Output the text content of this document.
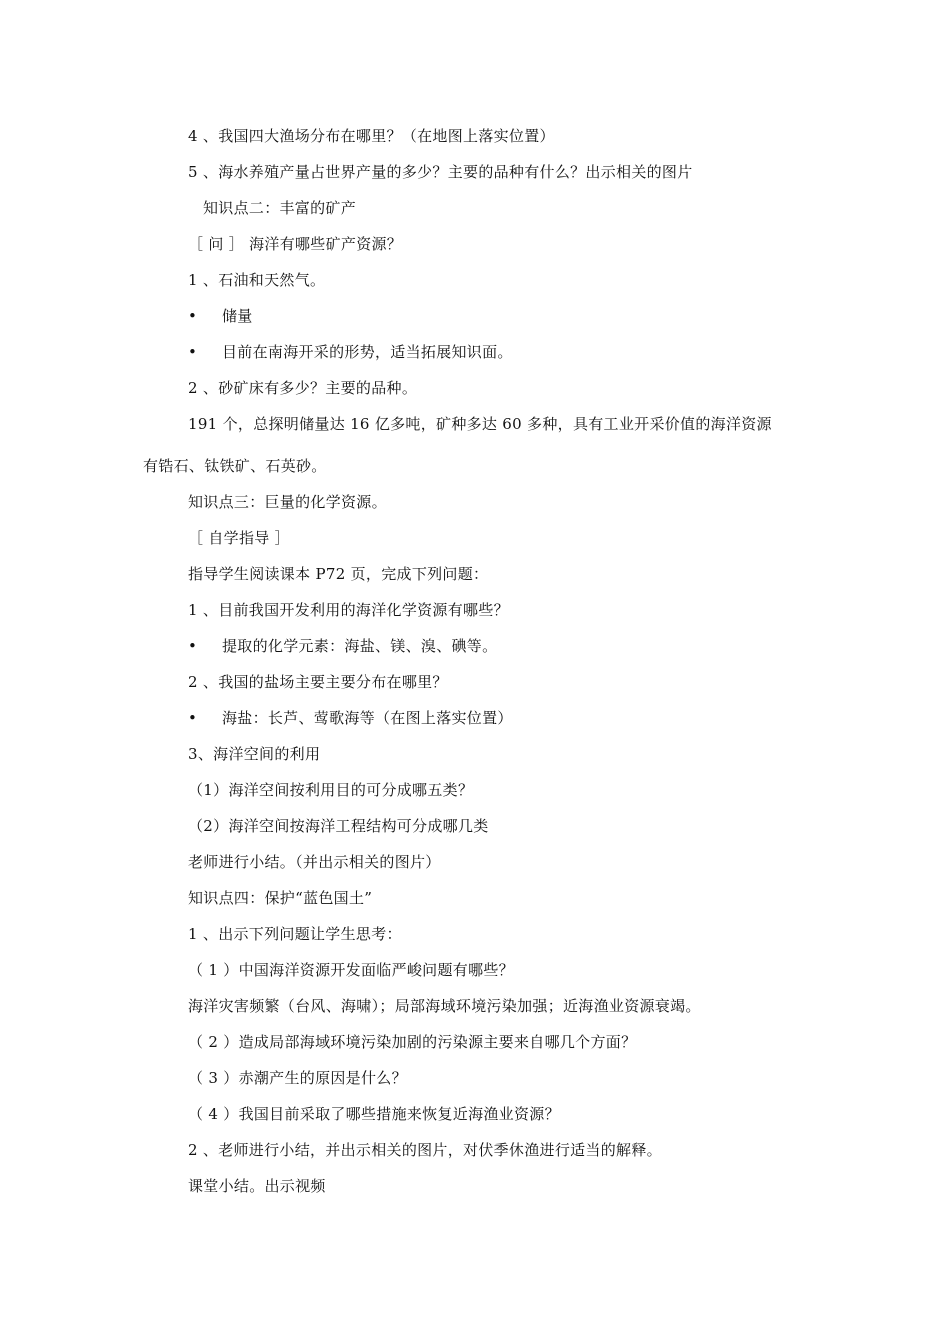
4 、我国四大渔场分布在哪里？（在地图上落实位置）
5 、海水养殖产量占世界产量的多少？主要的品种有什么？出示相关的图片
知识点二：丰富的矿产
［ 问 ］ 海洋有哪些矿产资源？
1 、石油和天然气。
• 储量
• 目前在南海开采的形势，适当拓展知识面。
2 、砂矿床有多少？主要的品种。
191 个，总探明储量达 16 亿多吨，矿种多达 60 多种，具有工业开采价值的海洋资源
有锆石、钛铁矿、石英砂。
知识点三：巨量的化学资源。
［ 自学指导 ］
指导学生阅读课本 P72 页，完成下列问题：
1 、目前我国开发利用的海洋化学资源有哪些？
• 提取的化学元素：海盐、镁、溴、碘等。
2 、我国的盐场主要主要分布在哪里？
• 海盐：长芦、莺歌海等（在图上落实位置）
3、海洋空间的利用
（1）海洋空间按利用目的可分成哪五类？
（2）海洋空间按海洋工程结构可分成哪几类
老师进行小结。（并出示相关的图片）
知识点四：保护“蓝色国土”
1 、出示下列问题让学生思考：
（ 1 ）中国海洋资源开发面临严峻问题有哪些？
海洋灾害频繁（台风、海啸）；局部海域环境污染加强；近海渔业资源衰竭。
（ 2 ）造成局部海域环境污染加剧的污染源主要来自哪几个方面？
（ 3 ）赤潮产生的原因是什么？
（ 4 ）我国目前采取了哪些措施来恢复近海渔业资源？
2 、老师进行小结，并出示相关的图片，对伏季休渔进行适当的解释。
课堂小结。出示视频
